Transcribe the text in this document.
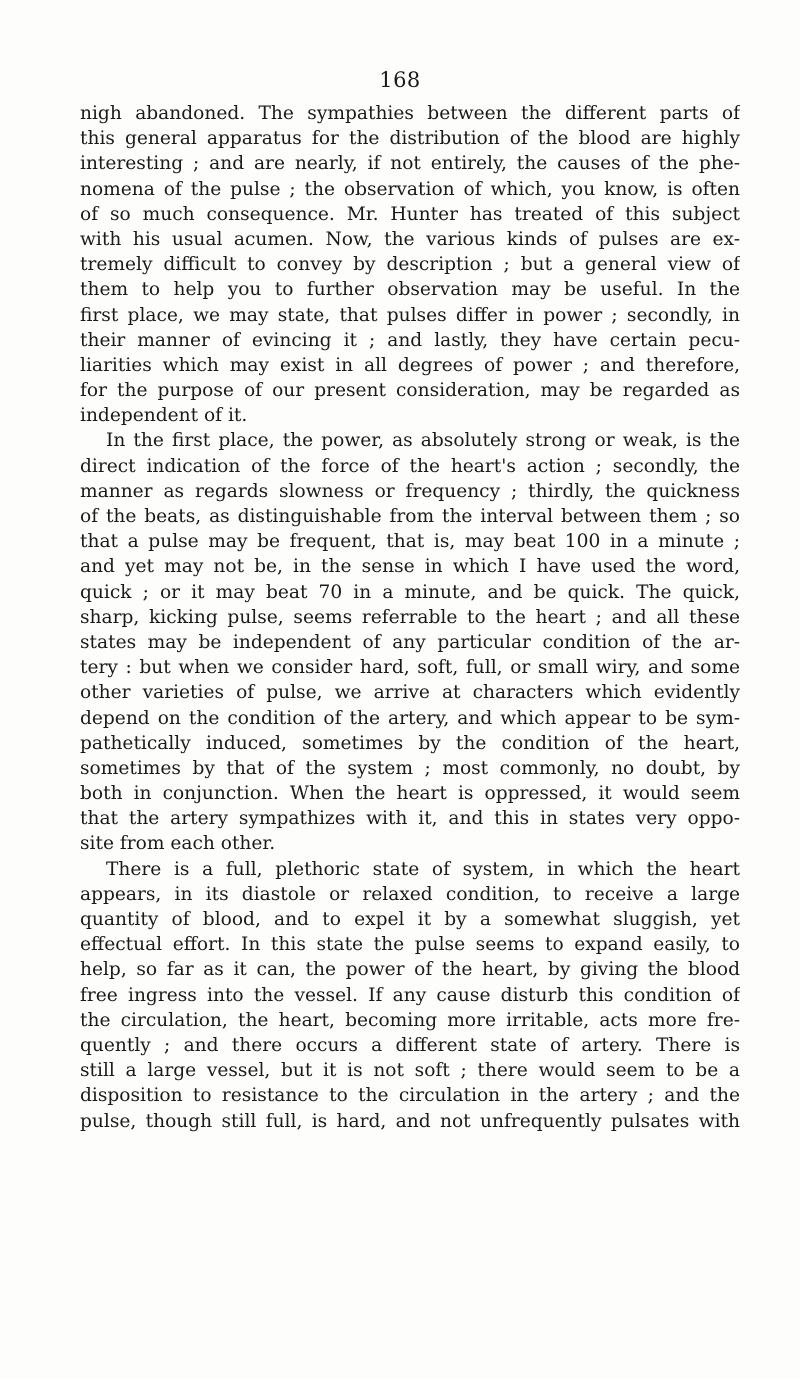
168

nigh abandoned. The sympathies between the different parts of
this general apparatus for the distribution of the blood are highly
interesting ; and are nearly, if not entirely, the causes of the phe-
nomena of the pulse ; the observation of which, you know, is often
of so much consequence. Mr. Hunter has treated of this subject
with his usual acumen. Now, the various kinds of pulses are ex-
tremely difficult to convey by description ; but a general view of
them to help you to further observation may be useful. In the
first place, we may state, that pulses differ in power ; secondly, in
their manner of evincing it ; and lastly, they have certain pecu-
liarities which may exist in all degrees of power ; and therefore,
for the purpose of our present consideration, may be regarded as
independent of it.
In the first place, the power, as absolutely strong or weak, is the
direct indication of the force of the heart's action ; secondly, the
manner as regards slowness or frequency ; thirdly, the quickness
of the beats, as distinguishable from the interval between them ; so
that a pulse may be frequent, that is, may beat 100 in a minute ;
and yet may not be, in the sense in which I have used the word,
quick ; or it may beat 70 in a minute, and be quick. The quick,
sharp, kicking pulse, seems referrable to the heart ; and all these
states may be independent of any particular condition of the ar-
tery : but when we consider hard, soft, full, or small wiry, and some
other varieties of pulse, we arrive at characters which evidently
depend on the condition of the artery, and which appear to be sym-
pathetically induced, sometimes by the condition of the heart,
sometimes by that of the system ; most commonly, no doubt, by
both in conjunction. When the heart is oppressed, it would seem
that the artery sympathizes with it, and this in states very oppo-
site from each other.
There is a full, plethoric state of system, in which the heart
appears, in its diastole or relaxed condition, to receive a large
quantity of blood, and to expel it by a somewhat sluggish, yet
effectual effort. In this state the pulse seems to expand easily, to
help, so far as it can, the power of the heart, by giving the blood
free ingress into the vessel. If any cause disturb this condition of
the circulation, the heart, becoming more irritable, acts more fre-
quently ; and there occurs a different state of artery. There is
still a large vessel, but it is not soft ; there would seem to be a
disposition to resistance to the circulation in the artery ; and the
pulse, though still full, is hard, and not unfrequently pulsates with
